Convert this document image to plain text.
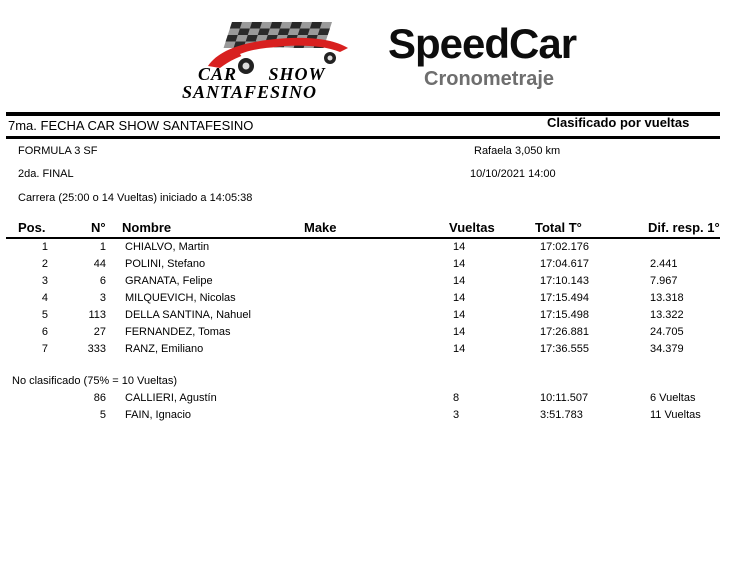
CAR SHOW
SANTAFESINO
SpeedCar
Cronometraje
7ma. FECHA CAR SHOW SANTAFESINO	Clasificado por vueltas
FORMULA 3 SF	Rafaela 3,050 km
2da. FINAL	10/10/2021 14:00
Carrera (25:00 o 14 Vueltas) iniciado a 14:05:38
Pos.	N° Nombre	Make	Vueltas	Total T°	Dif. resp. 1°
1	1 CHIALVO, Martin	14	17:02.176
2	44 POLINI, Stefano	14	17:04.617	2.441
3	6 GRANATA, Felipe	14	17:10.143	7.967
4	3 MILQUEVICH, Nicolas	14	17:15.494	13.318
5	113 DELLA SANTINA, Nahuel	14	17:15.498	13.322
6	27 FERNANDEZ, Tomas	14	17:26.881	24.705
7	333 RANZ, Emiliano	14	17:36.555	34.379
No clasificado (75% = 10 Vueltas)
86 CALLIERI, Agustín	8	10:11.507	6 Vueltas
5 FAIN, Ignacio	3	3:51.783	11 Vueltas
